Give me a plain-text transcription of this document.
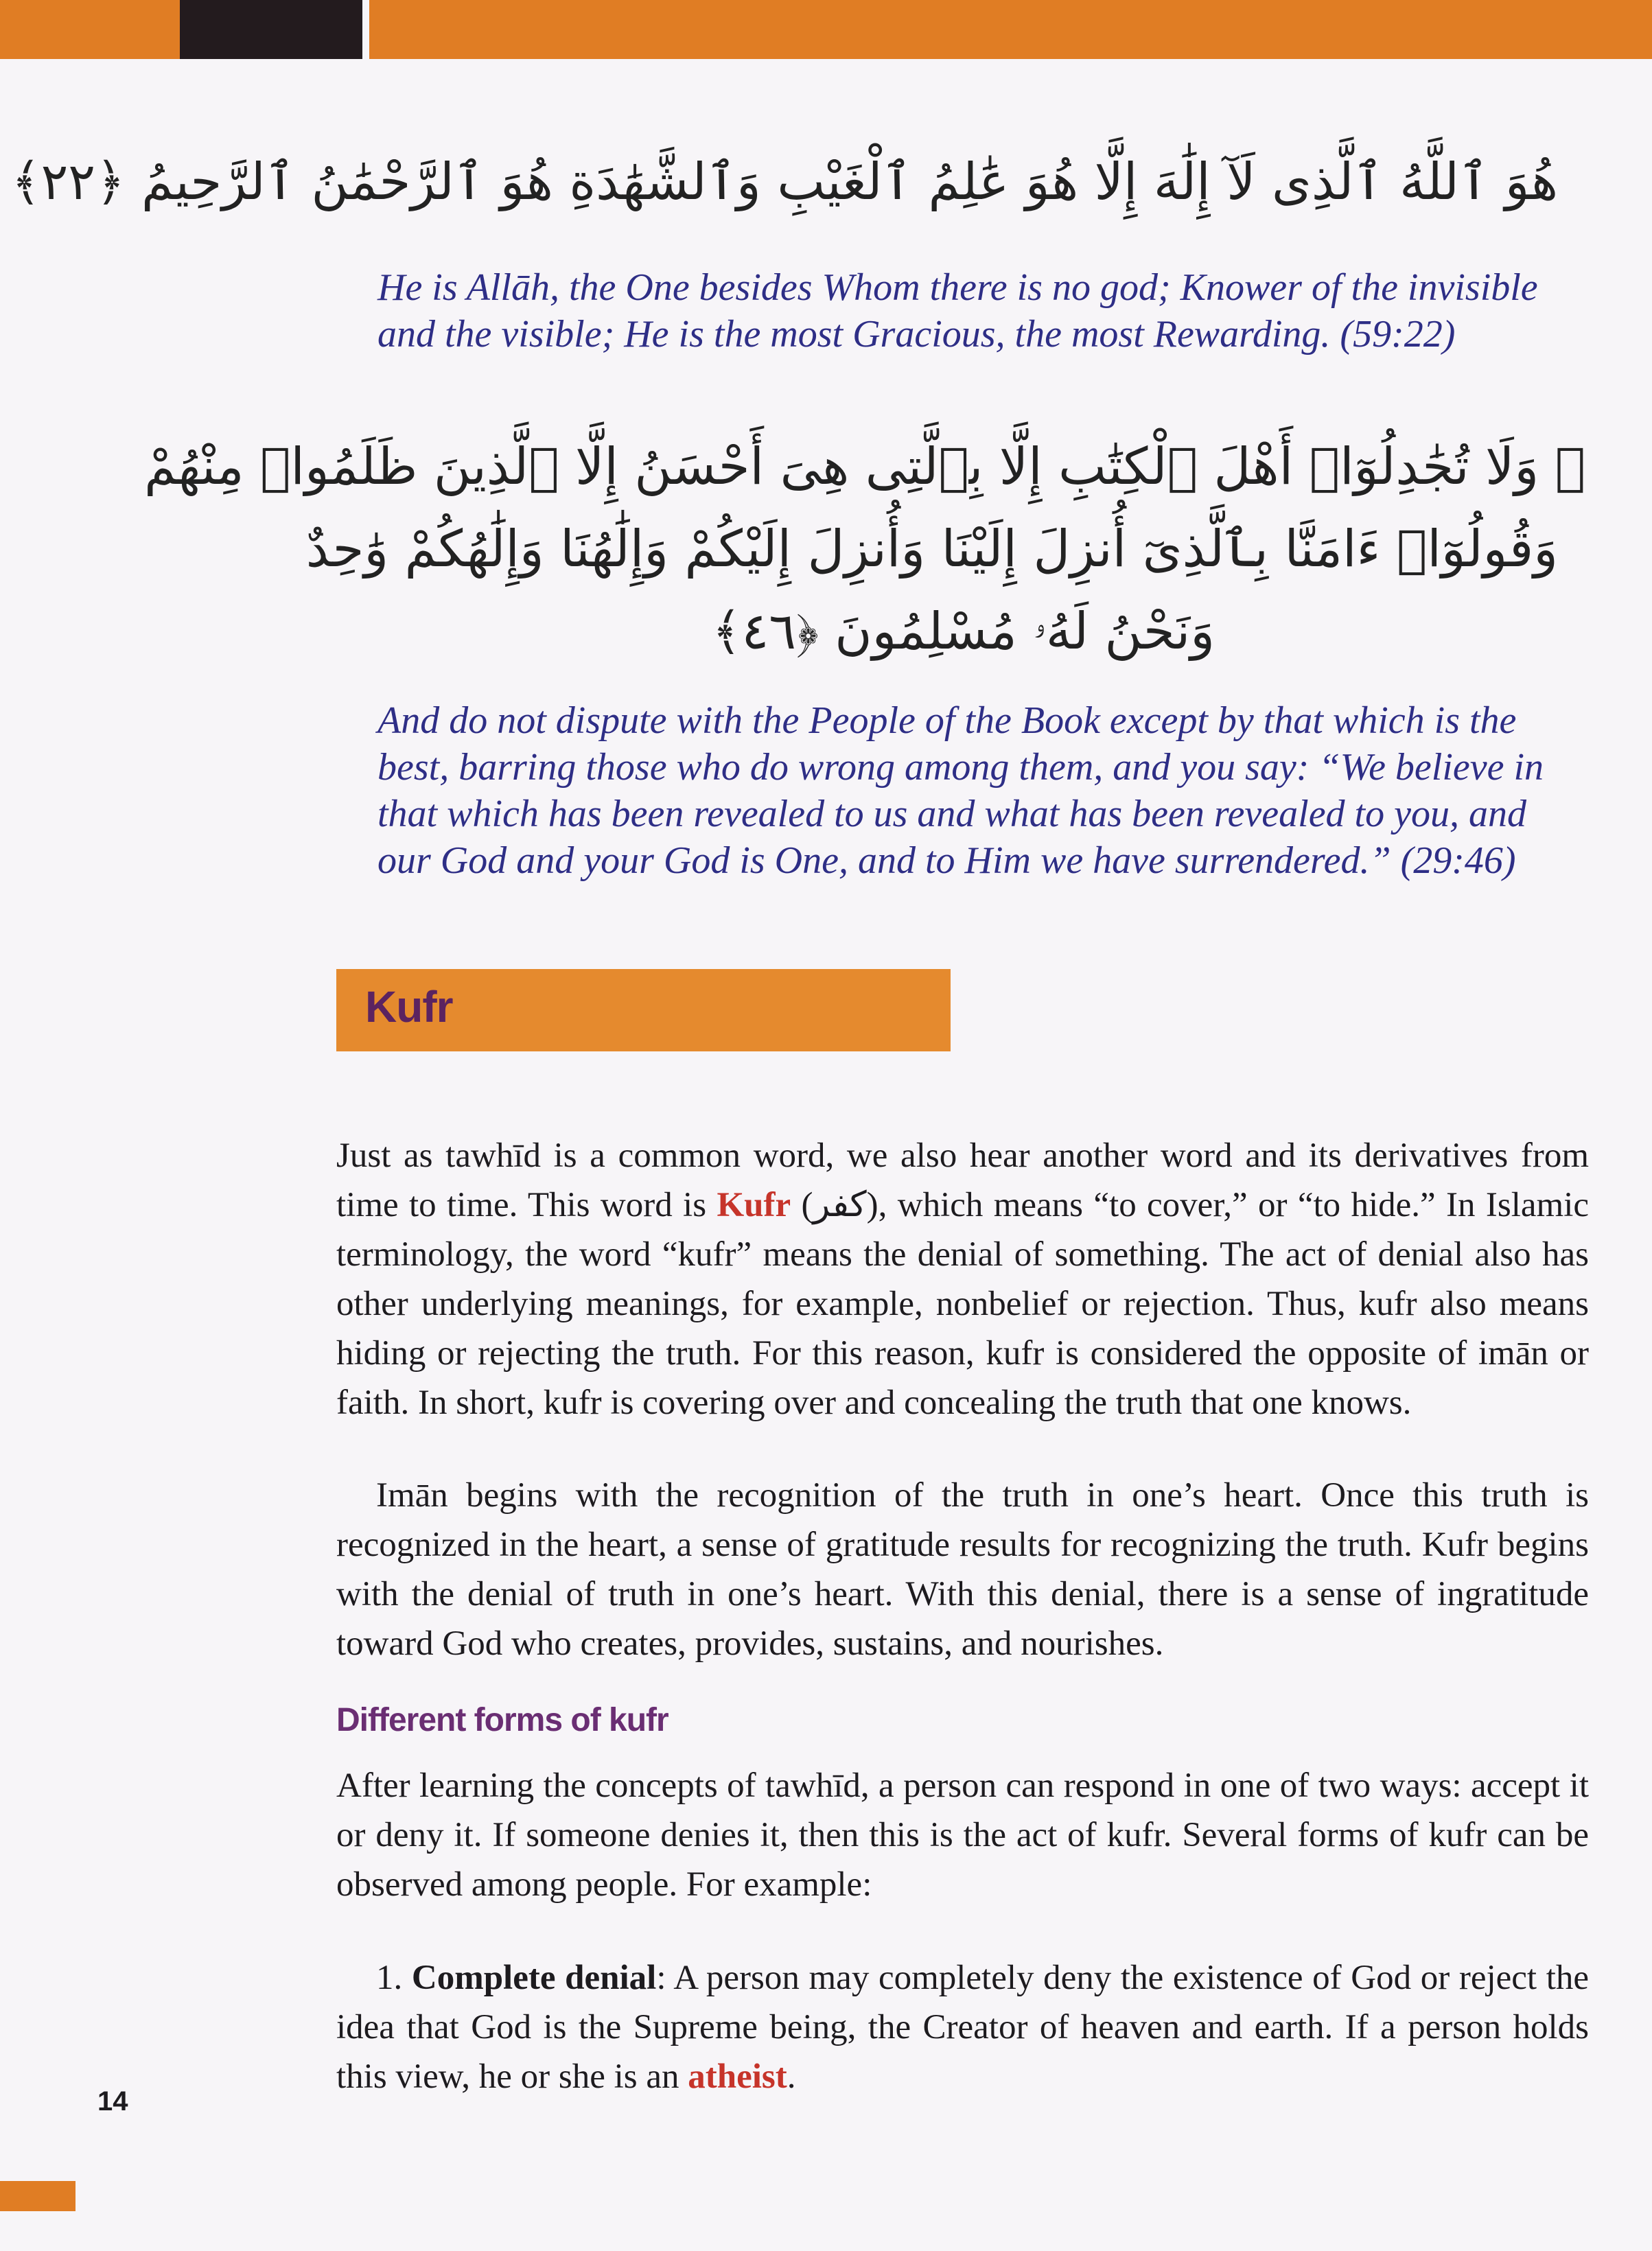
هُوَ ٱللَّهُ ٱلَّذِى لَآ إِلَٰهَ إِلَّا هُوَ عَٰلِمُ ٱلْغَيْبِ وَٱلشَّهَٰدَةِ هُوَ ٱلرَّحْمَٰنُ ٱلرَّحِيمُ ﴿٢٢﴾

He is Allāh, the One besides Whom there is no god; Knower of the invisible and the visible; He is the most Gracious, the most Rewarding. (59:22)

۞ وَلَا تُجَٰدِلُوٓا۟ أَهْلَ ٱلْكِتَٰبِ إِلَّا بِٱلَّتِى هِىَ أَحْسَنُ إِلَّا ٱلَّذِينَ ظَلَمُوا۟ مِنْهُمْ
وَقُولُوٓا۟ ءَامَنَّا بِٱلَّذِىٓ أُنزِلَ إِلَيْنَا وَأُنزِلَ إِلَيْكُمْ وَإِلَٰهُنَا وَإِلَٰهُكُمْ وَٰحِدٌ
وَنَحْنُ لَهُۥ مُسْلِمُونَ ﴿٤٦﴾

And do not dispute with the People of the Book except by that which is the best, barring those who do wrong among them, and you say: “We believe in that which has been revealed to us and what has been revealed to you, and our God and your God is One, and to Him we have surrendered.” (29:46)

Kufr

Just as tawhīd is a common word, we also hear another word and its derivatives from time to time. This word is Kufr (كفر), which means “to cover,” or “to hide.” In Islamic terminology, the word “kufr” means the denial of something. The act of denial also has other underlying meanings, for example, nonbelief or rejection. Thus, kufr also means hiding or rejecting the truth. For this reason, kufr is considered the opposite of imān or faith. In short, kufr is covering over and concealing the truth that one knows.

Imān begins with the recognition of the truth in one’s heart. Once this truth is recognized in the heart, a sense of gratitude results for recognizing the truth. Kufr begins with the denial of truth in one’s heart. With this denial, there is a sense of ingratitude toward God who creates, provides, sustains, and nourishes.

Different forms of kufr

After learning the concepts of tawhīd, a person can respond in one of two ways: accept it or deny it. If someone denies it, then this is the act of kufr. Several forms of kufr can be observed among people. For example:

1. Complete denial: A person may completely deny the existence of God or reject the idea that God is the Supreme being, the Creator of heaven and earth. If a person holds this view, he or she is an atheist.

14
